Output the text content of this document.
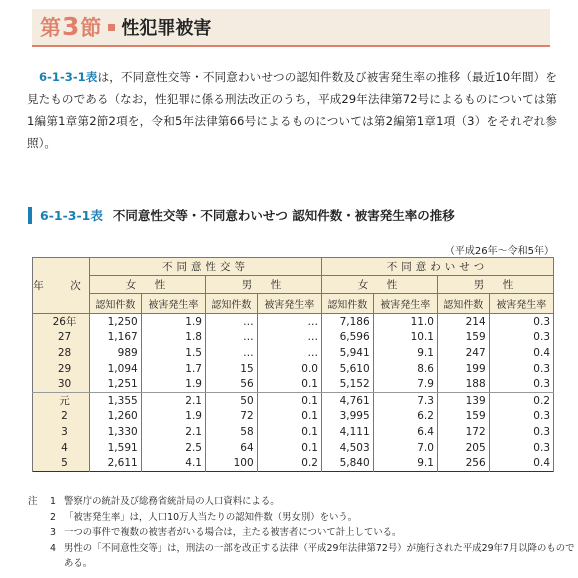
第3節 性犯罪被害

6-1-3-1表は，不同意性交等・不同意わいせつの認知件数及び被害発生率の推移（最近10年間）を見たものである（なお，性犯罪に係る刑法改正のうち，平成29年法律第72号によるものについては第1編第1章第2節2項を，令和5年法律第66号によるものについては第2編第1章1項（3）をそれぞれ参照）。

6-1-3-1表 不同意性交等・不同意わいせつ 認知件数・被害発生率の推移
（平成26年～令和5年）
年　次	不同意性交等				不同意わいせつ			
	女　性		男　性		女　性		男　性	
	認知件数	被害発生率	認知件数	被害発生率	認知件数	被害発生率	認知件数	被害発生率
26年	1,250	1.9	…	…	7,186	11.0	214	0.3
27	1,167	1.8	…	…	6,596	10.1	159	0.3
28	989	1.5	…	…	5,941	9.1	247	0.4
29	1,094	1.7	15	0.0	5,610	8.6	199	0.3
30	1,251	1.9	56	0.1	5,152	7.9	188	0.3
元	1,355	2.1	50	0.1	4,761	7.3	139	0.2
2	1,260	1.9	72	0.1	3,995	6.2	159	0.3
3	1,330	2.1	58	0.1	4,111	6.4	172	0.3
4	1,591	2.5	64	0.1	4,503	7.0	205	0.3
5	2,611	4.1	100	0.2	5,840	9.1	256	0.4
注	1 警察庁の統計及び総務省統計局の人口資料による。
2 「被害発生率」は，人口10万人当たりの認知件数（男女別）をいう。
3 一つの事件で複数の被害者がいる場合は，主たる被害者について計上している。
4 男性の「不同意性交等」は，刑法の一部を改正する法律（平成29年法律第72号）が施行された平成29年7月以降のものである。
